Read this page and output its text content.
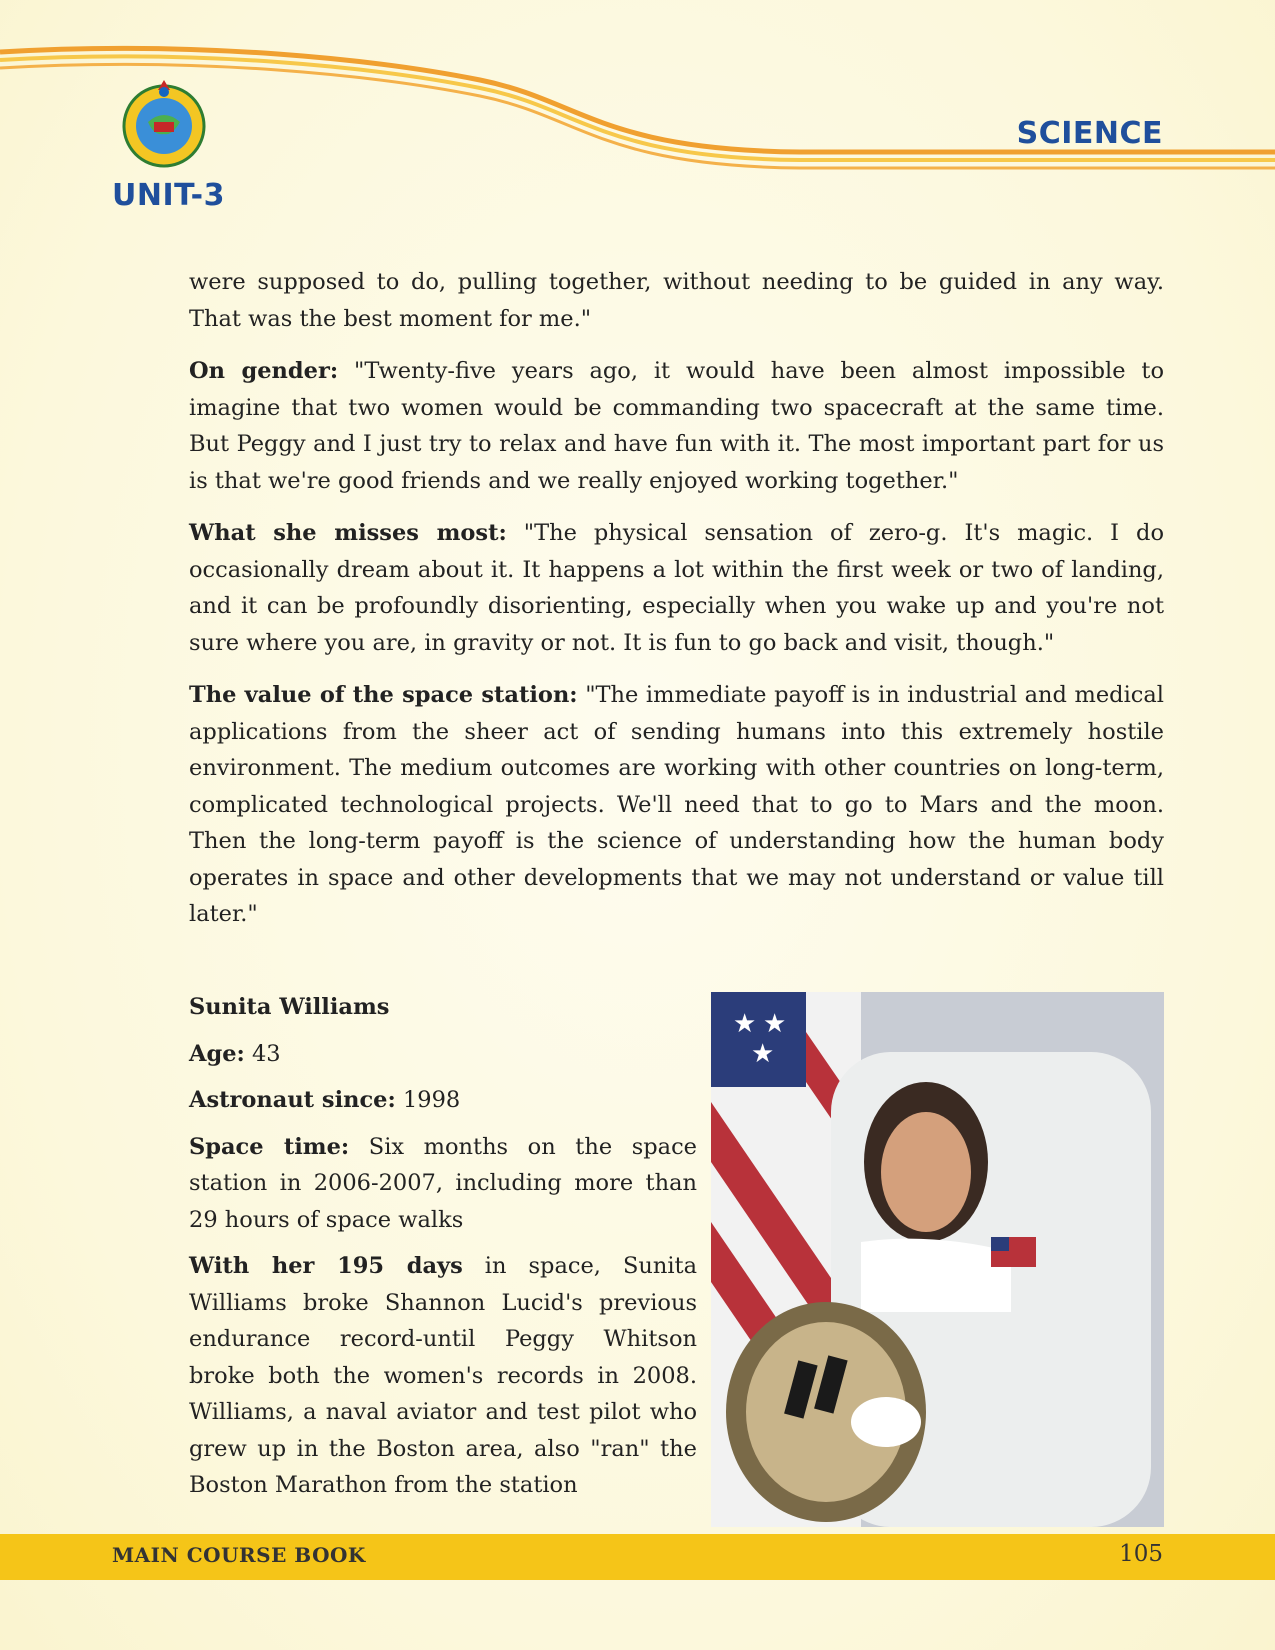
UNIT-3
SCIENCE

were supposed to do, pulling together, without needing to be guided in any way. That was the best moment for me."

On gender: "Twenty-five years ago, it would have been almost impossible to imagine that two women would be commanding two spacecraft at the same time. But Peggy and I just try to relax and have fun with it. The most important part for us is that we're good friends and we really enjoyed working together."

What she misses most: "The physical sensation of zero-g. It's magic. I do occasionally dream about it. It happens a lot within the first week or two of landing, and it can be profoundly disorienting, especially when you wake up and you're not sure where you are, in gravity or not. It is fun to go back and visit, though."

The value of the space station: "The immediate payoff is in industrial and medical applications from the sheer act of sending humans into this extremely hostile environment. The medium outcomes are working with other countries on long-term, complicated technological projects. We'll need that to go to Mars and the moon. Then the long-term payoff is the science of understanding how the human body operates in space and other developments that we may not understand or value till later."

Sunita Williams

Age: 43

Astronaut since: 1998

Space time: Six months on the space station in 2006-2007, including more than 29 hours of space walks

With her 195 days in space, Sunita Williams broke Shannon Lucid's previous endurance record-until Peggy Whitson broke both the women's records in 2008. Williams, a naval aviator and test pilot who grew up in the Boston area, also "ran" the Boston Marathon from the station

★ ★
★
MAIN COURSE BOOK	105
